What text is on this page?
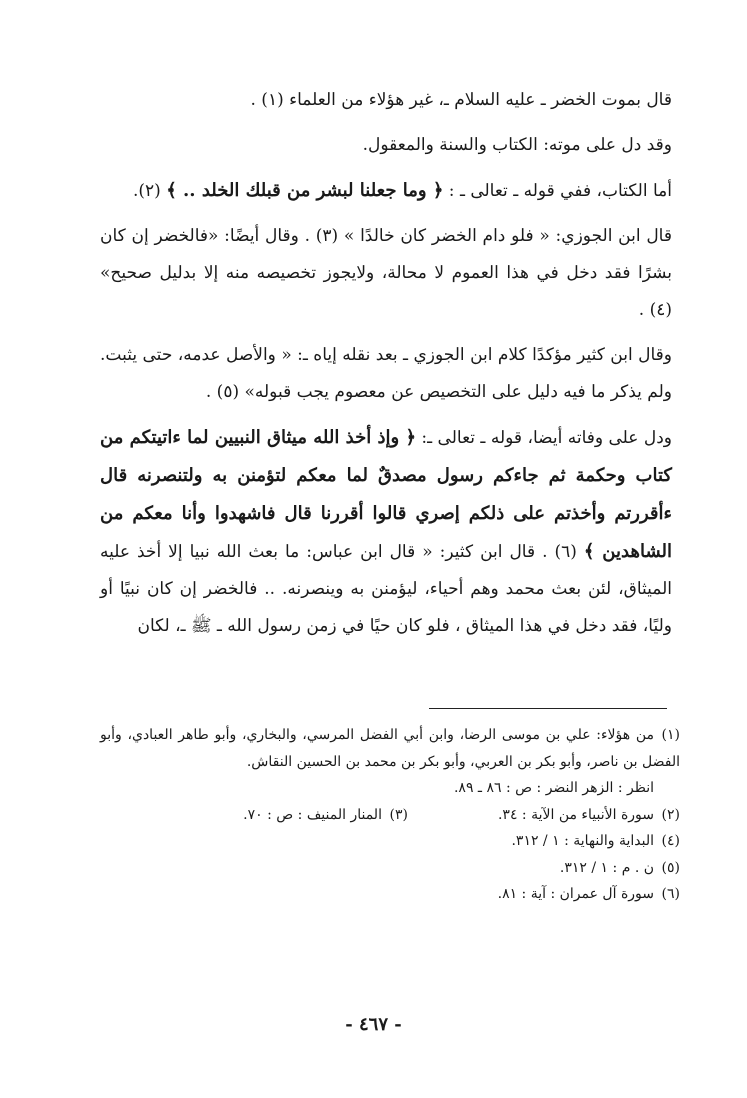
قال بموت الخضر ـ عليه السلام ـ، غير هؤلاء من العلماء (١) .

وقد دل على موته: الكتاب والسنة والمعقول.

أما الكتاب، ففي قوله ـ تعالى ـ : ﴿ وما جعلنا لبشر من قبلك الخلد .. ﴾ (٢).

قال ابن الجوزي: « فلو دام الخضر كان خالدًا » (٣) . وقال أيضًا: «فالخضر إن كان بشرًا فقد دخل في هذا العموم لا محالة، ولايجوز تخصيصه منه إلا بدليل صحيح» (٤) .

وقال ابن كثير مؤكدًا كلام ابن الجوزي ـ بعد نقله إياه ـ: « والأصل عدمه، حتى يثبت. ولم يذكر ما فيه دليل على التخصيص عن معصوم يجب قبوله» (٥) .

ودل على وفاته أيضا، قوله ـ تعالى ـ: ﴿ وإذ أخذ الله ميثاق النبيين لما ءاتيتكم من كتاب وحكمة ثم جاءكم رسول مصدقٌ لما معكم لتؤمنن به ولتنصرنه قال ءأقررتم وأخذتم على ذلكم إصري قالوا أقررنا قال فاشهدوا وأنا معكم من الشاهدين ﴾ (٦) . قال ابن كثير: « قال ابن عباس: ما بعث الله نبيا إلا أخذ عليه الميثاق، لئن بعث محمد وهم أحياء، ليؤمنن به وينصرنه. .. فالخضر إن كان نبيًا أو وليًا، فقد دخل في هذا الميثاق ، فلو كان حيًا في زمن رسول الله ـ ﷺ ـ، لكان

(١)من هؤلاء: علي بن موسى الرضا، وابن أبي الفضل المرسي، والبخاري، وأبو طاهر العبادي، وأبو الفضل بن ناصر، وأبو بكر بن العربي، وأبو بكر بن محمد بن الحسين النقاش.

انظر : الزهر النضر : ص : ٨٦ ـ ٨٩.

(٢)سورة الأنبياء من الآية : ٣٤.

(٣)المنار المنيف : ص : ٧٠.

(٤)البداية والنهاية : ١ / ٣١٢.

(٥)ن . م : ١ / ٣١٢.

(٦)سورة آل عمران : آية : ٨١.

- ٤٦٧ -
